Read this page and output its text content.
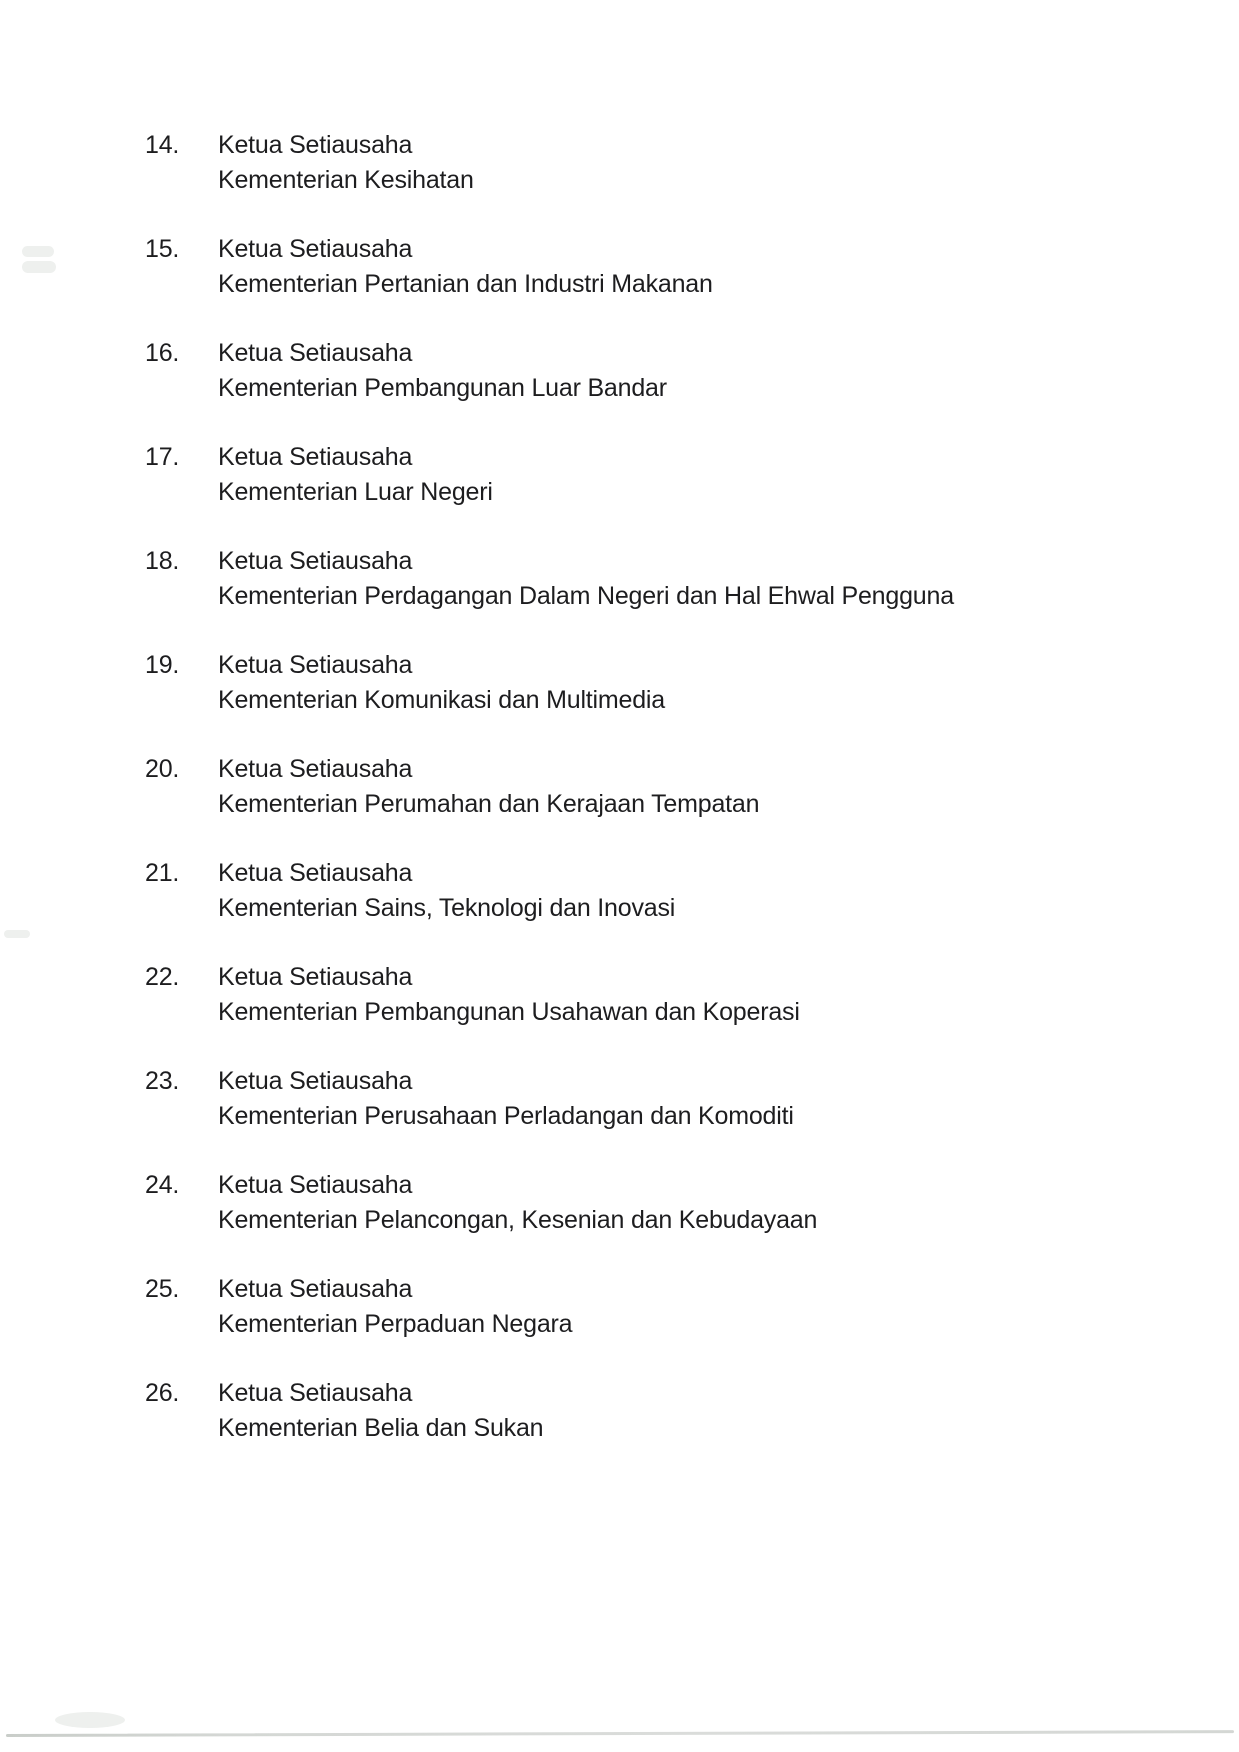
14.	Ketua Setiausaha
Kementerian Kesihatan
15.	Ketua Setiausaha
Kementerian Pertanian dan Industri Makanan
16.	Ketua Setiausaha
Kementerian Pembangunan Luar Bandar
17.	Ketua Setiausaha
Kementerian Luar Negeri
18.	Ketua Setiausaha
Kementerian Perdagangan Dalam Negeri dan Hal Ehwal Pengguna
19.	Ketua Setiausaha
Kementerian Komunikasi dan Multimedia
20.	Ketua Setiausaha
Kementerian Perumahan dan Kerajaan Tempatan
21.	Ketua Setiausaha
Kementerian Sains, Teknologi dan Inovasi
22.	Ketua Setiausaha
Kementerian Pembangunan Usahawan dan Koperasi
23.	Ketua Setiausaha
Kementerian Perusahaan Perladangan dan Komoditi
24.	Ketua Setiausaha
Kementerian Pelancongan, Kesenian dan Kebudayaan
25.	Ketua Setiausaha
Kementerian Perpaduan Negara
26.	Ketua Setiausaha
Kementerian Belia dan Sukan
